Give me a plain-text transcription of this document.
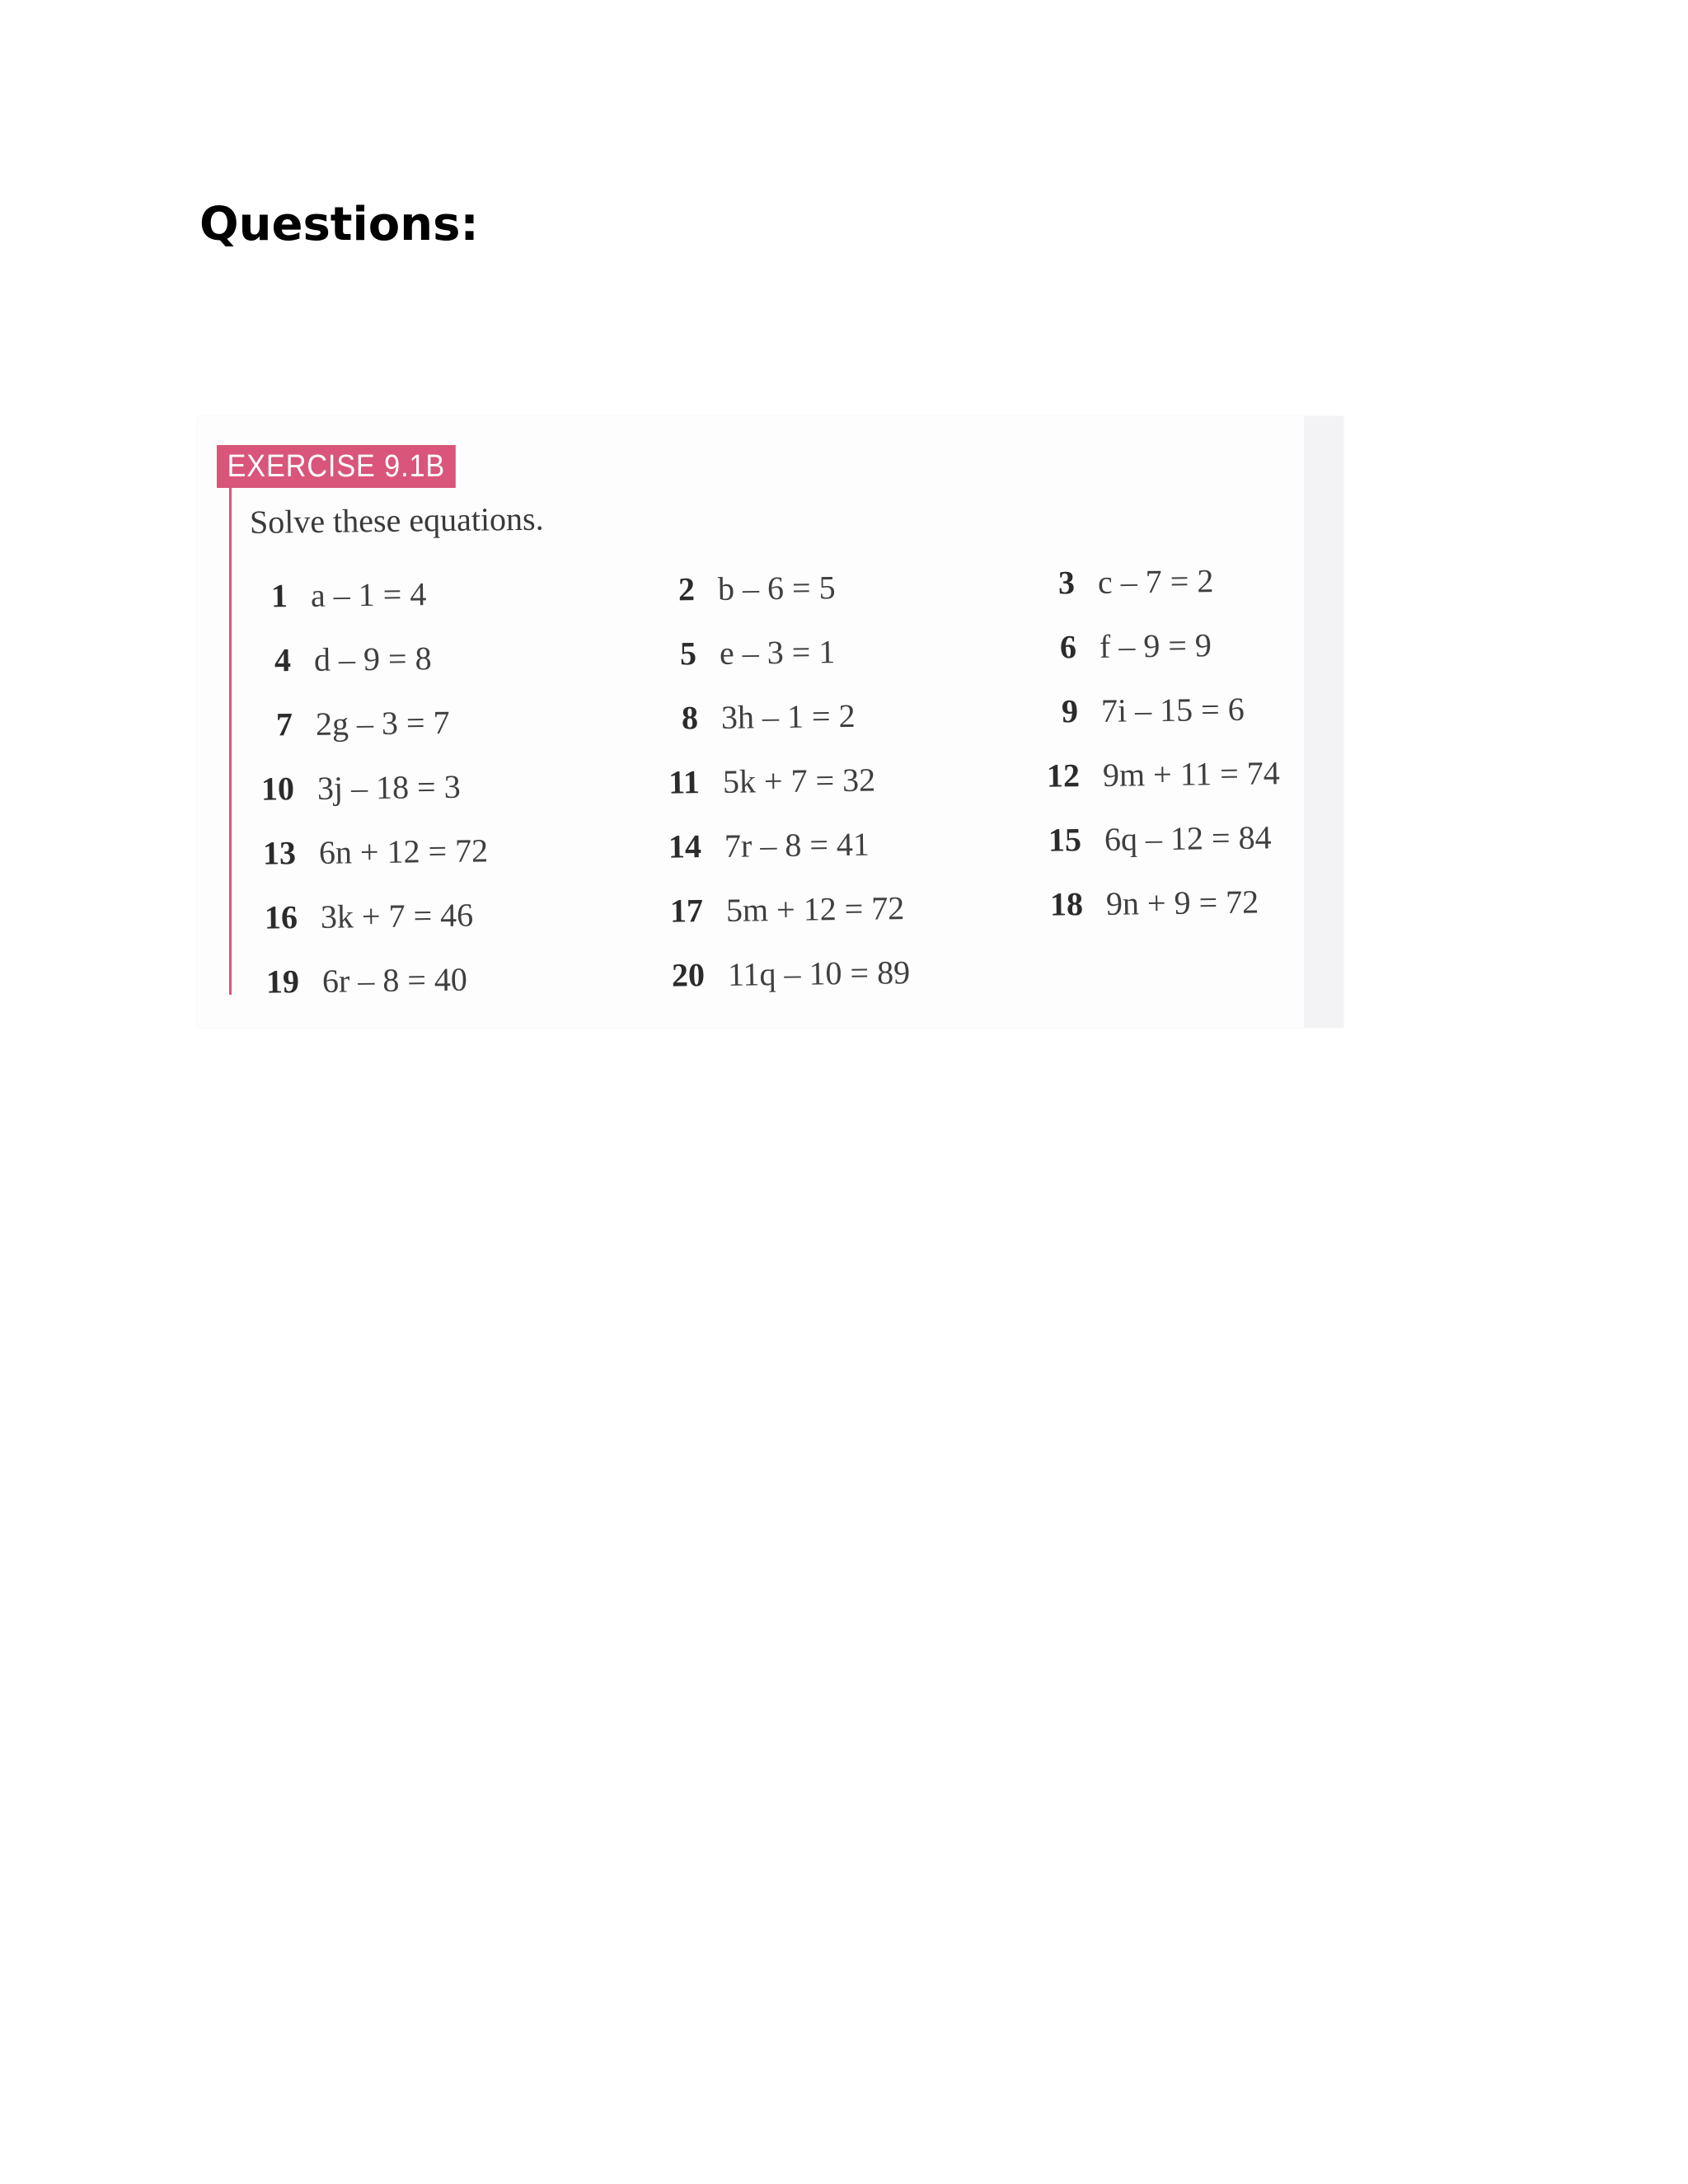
Questions:
EXERCISE 9.1B
Solve these equations.
1 a – 1 = 4	2 b – 6 = 5	3 c – 7 = 2
4 d – 9 = 8	5 e – 3 = 1	6 f – 9 = 9
7 2g – 3 = 7	8 3h – 1 = 2	9 7i – 15 = 6
10 3j – 18 = 3	11 5k + 7 = 32	12 9m + 11 = 74
13 6n + 12 = 72	14 7r – 8 = 41	15 6q – 12 = 84
16 3k + 7 = 46	17 5m + 12 = 72	18 9n + 9 = 72
19 6r – 8 = 40	20 11q – 10 = 89
